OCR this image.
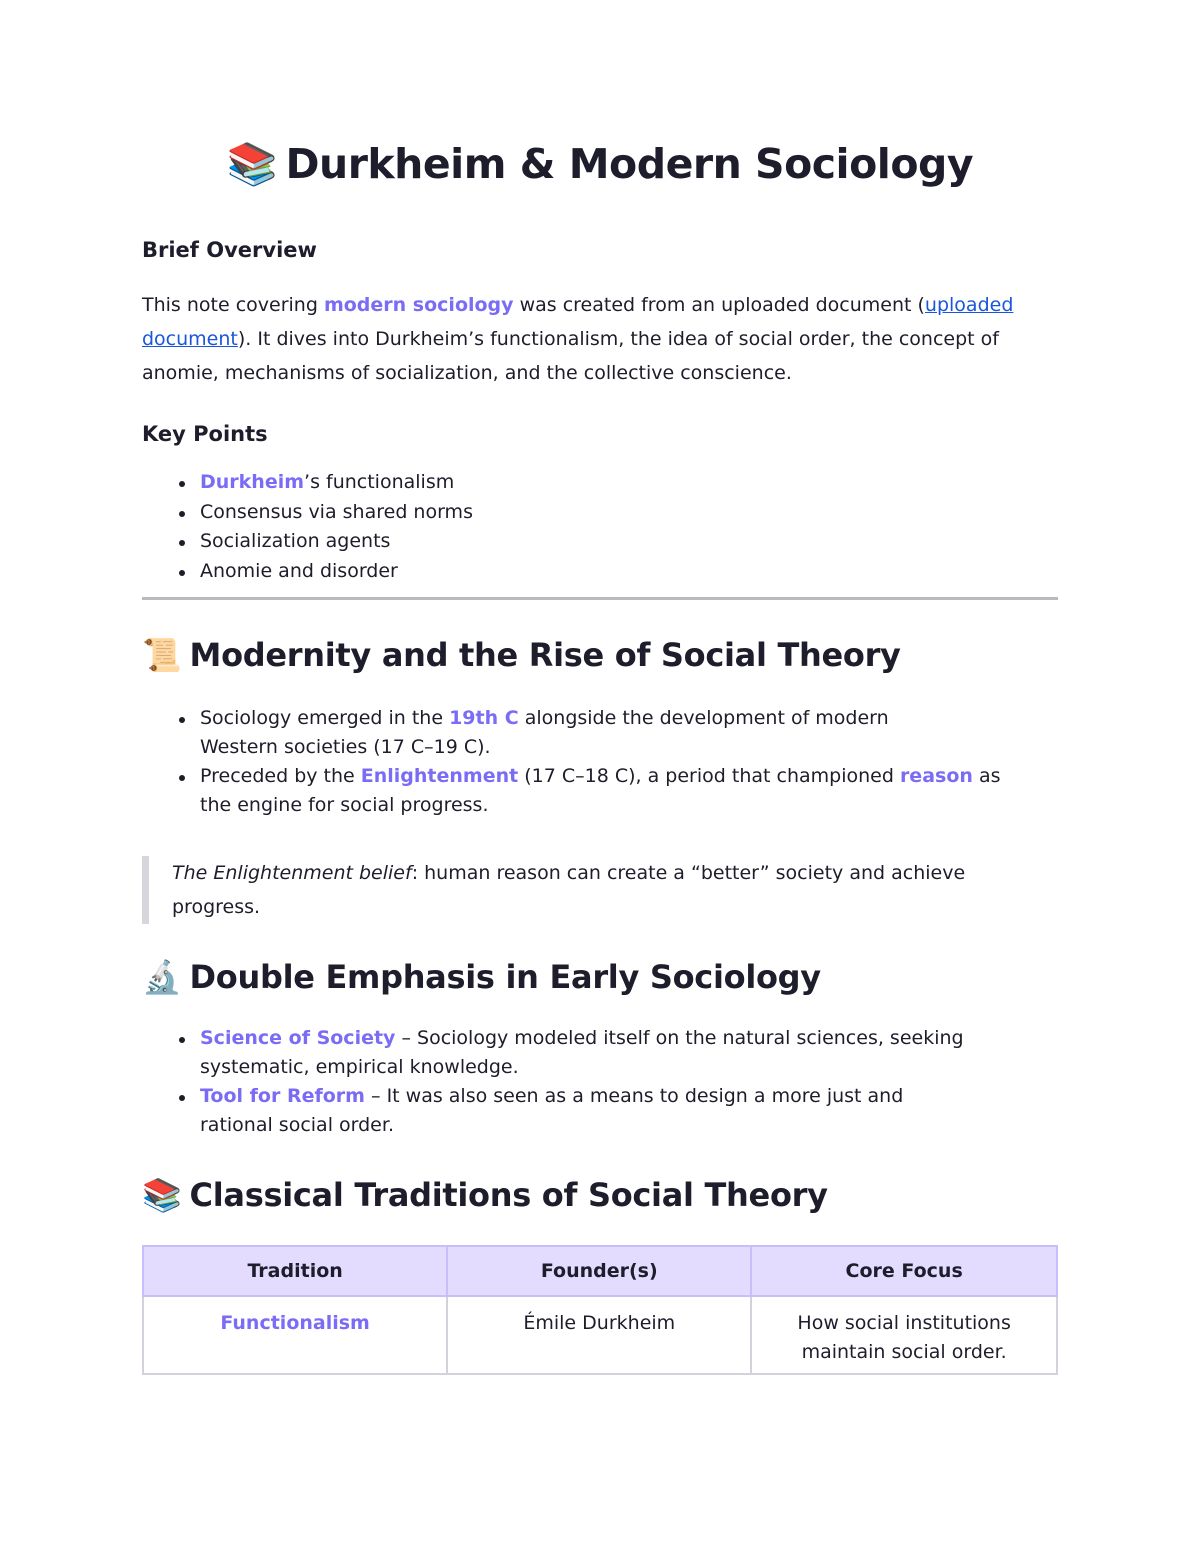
📚 Durkheim & Modern Sociology
Brief Overview
This note covering modern sociology was created from an uploaded document (uploaded document). It dives into Durkheim’s functionalism, the idea of social order, the concept of anomie, mechanisms of socialization, and the collective conscience.
Key Points
Durkheim’s functionalism
Consensus via shared norms
Socialization agents
Anomie and disorder
📜 Modernity and the Rise of Social Theory
Sociology emerged in the 19th C alongside the development of modern Western societies (17 C–19 C).
Preceded by the Enlightenment (17 C–18 C), a period that championed reason as the engine for social progress.
The Enlightenment belief: human reason can create a “better” society and achieve progress.
🔬 Double Emphasis in Early Sociology
Science of Society – Sociology modeled itself on the natural sciences, seeking systematic, empirical knowledge.
Tool for Reform – It was also seen as a means to design a more just and rational social order.
📚 Classical Traditions of Social Theory
Tradition	Founder(s)	Core Focus
Functionalism	Émile Durkheim	How social institutions maintain social order.
